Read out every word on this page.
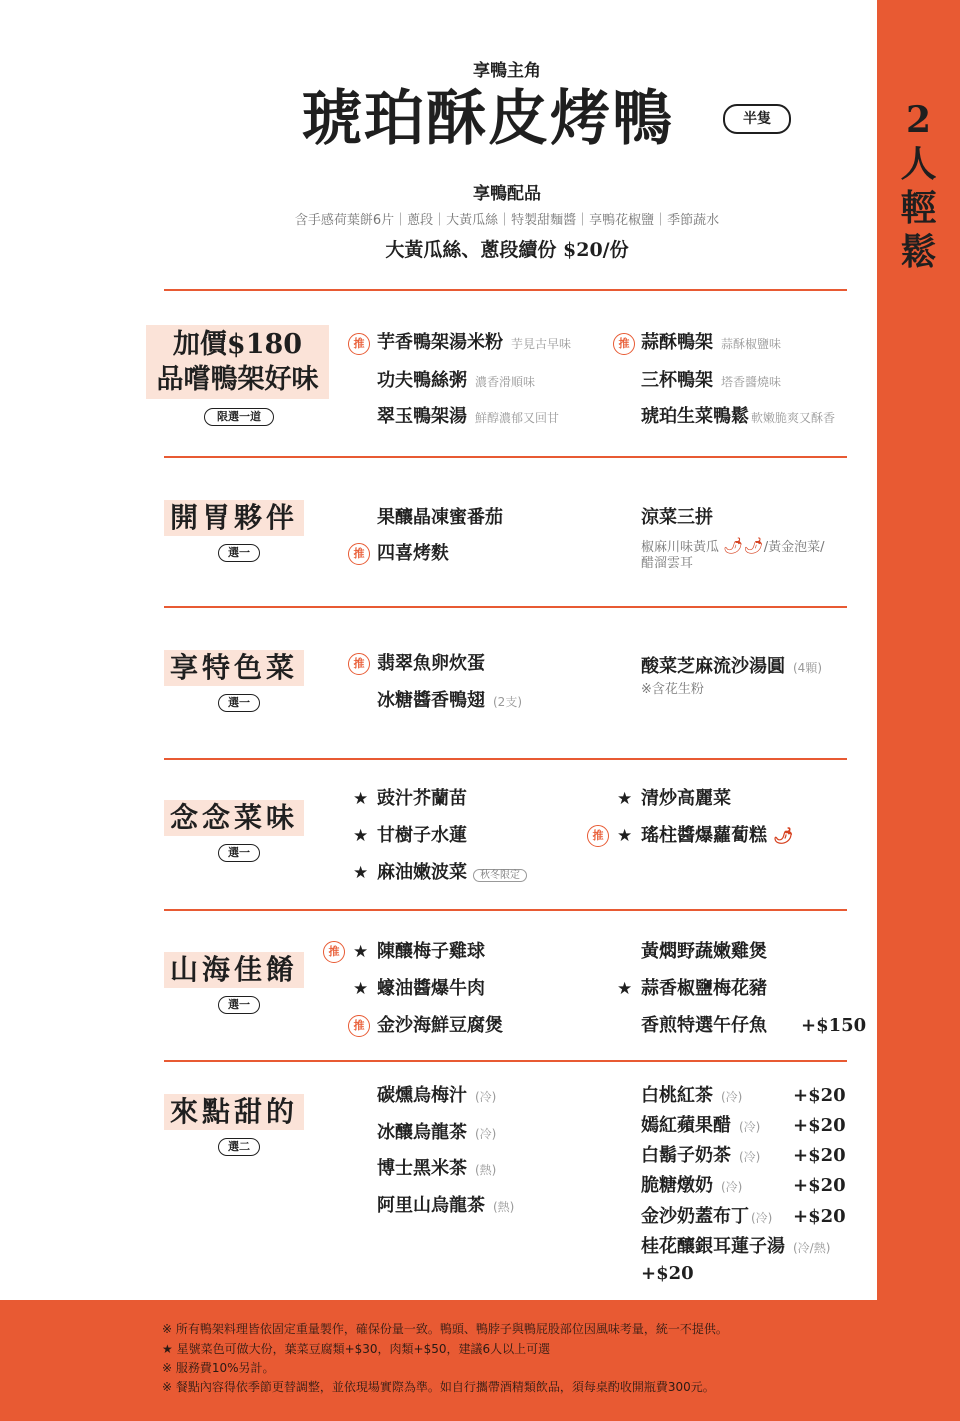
2
人
輕
鬆
享鴨主角
琥珀酥皮烤鴨	半隻
享鴨配品
含手感荷葉餅6片｜蔥段｜大黃瓜絲｜特製甜麵醬｜享鴨花椒鹽｜季節蔬水
大黃瓜絲、蔥段續份 $20/份
加價$180
品嚐鴨架好味
限選一道
推 芋香鴨架湯米粉 芋見古早味
功夫鴨絲粥 濃香滑順味
翠玉鴨架湯 鮮醇濃郁又回甘
推 蒜酥鴨架 蒜酥椒鹽味
三杯鴨架 塔香醬燒味
琥珀生菜鴨鬆 軟嫩脆爽又酥香
開胃夥伴
選一
果釀晶凍蜜番茄
推 四喜烤麩
涼菜三拼
椒麻川味黃瓜 🌶🌶/黃金泡菜/
醋溜雲耳
享特色菜
選一
推 翡翠魚卵炊蛋
冰糖醬香鴨翅 (2支)
酸菜芝麻流沙湯圓 (4顆)
※含花生粉
念念菜味
選一
★ 豉汁芥蘭苗
★ 甘樹子水蓮
★ 麻油嫩波菜 秋冬限定
★ 清炒高麗菜
推 ★ 瑤柱醬爆蘿蔔糕 🌶
山海佳餚
選一
推 ★ 陳釀梅子雞球
★ 蠔油醬爆牛肉
推 金沙海鮮豆腐煲
黃燜野蔬嫩雞煲
★ 蒜香椒鹽梅花豬
香煎特選午仔魚 +$150
來點甜的
選二
碳燻烏梅汁 (冷)
冰釀烏龍茶 (冷)
博士黑米茶 (熱)
阿里山烏龍茶 (熱)
白桃紅茶 (冷)	+$20
嫣紅蘋果醋 (冷) +$20
白鬍子奶茶 (冷) +$20
脆糖燉奶 (冷)	+$20
金沙奶蓋布丁 (冷) +$20
桂花釀銀耳蓮子湯 (冷/熱)
+$20
※ 所有鴨架料理皆依固定重量製作，確保份量一致。鴨頭、鴨脖子與鴨屁股部位因風味考量，統一不提供。
★ 星號菜色可做大份，葉菜豆腐類+$30，肉類+$50，建議6人以上可選
※ 服務費10%另計。
※ 餐點內容得依季節更替調整，並依現場實際為準。如自行攜帶酒精類飲品，須每桌酌收開瓶費300元。
